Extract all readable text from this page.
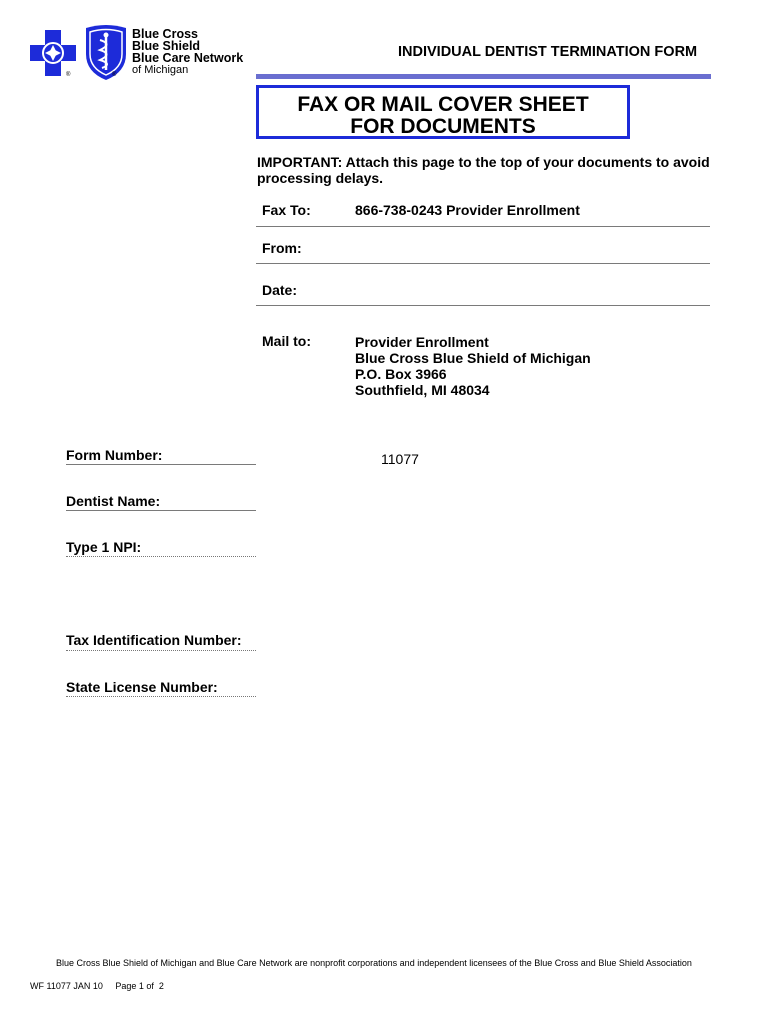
®	®
Blue Cross
Blue Shield
Blue Care Network
of Michigan
INDIVIDUAL DENTIST TERMINATION FORM
FAX OR MAIL COVER SHEET
FOR DOCUMENTS
IMPORTANT: Attach this page to the top of your documents to avoid processing delays.
Fax To:	866-738-0243 Provider Enrollment
From:
Date:
Mail to:	Provider Enrollment
Blue Cross Blue Shield of Michigan
P.O. Box 3966
Southfield, MI 48034
Form Number:	11077
Dentist Name:
Type 1 NPI:
Tax Identification Number:
State License Number:
Blue Cross Blue Shield of Michigan and Blue Care Network are nonprofit corporations and independent licensees of the Blue Cross and Blue Shield Association
WF 11077 JAN 10     Page 1 of  2
